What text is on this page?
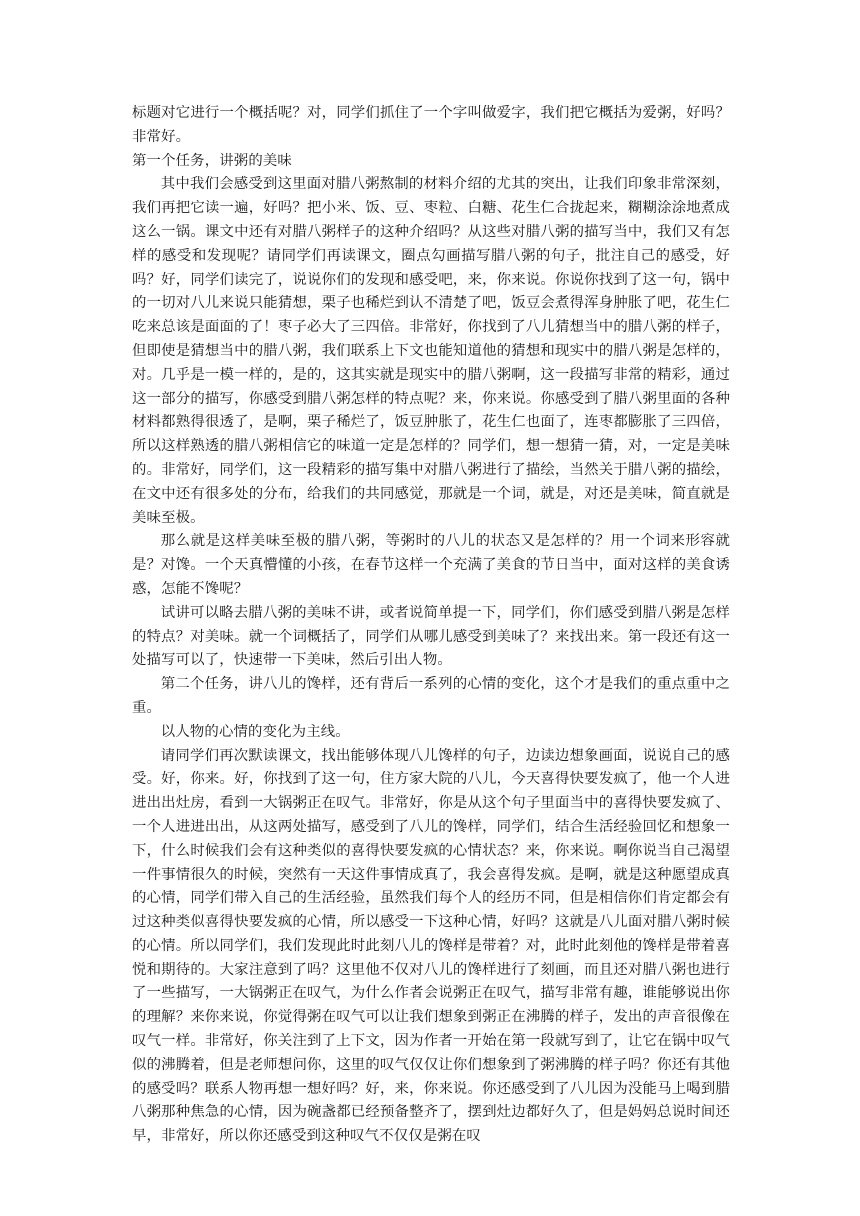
标题对它进行一个概括呢？对，同学们抓住了一个字叫做爱字，我们把它概括为爱粥，好吗？非常好。

第一个任务，讲粥的美味

其中我们会感受到这里面对腊八粥熬制的材料介绍的尤其的突出，让我们印象非常深刻，我们再把它读一遍，好吗？把小米、饭、豆、枣粒、白糖、花生仁合拢起来，糊糊涂涂地煮成这么一锅。课文中还有对腊八粥样子的这种介绍吗？从这些对腊八粥的描写当中，我们又有怎样的感受和发现呢？请同学们再读课文，圈点勾画描写腊八粥的句子，批注自己的感受，好吗？好，同学们读完了，说说你们的发现和感受吧，来，你来说。你说你找到了这一句，锅中的一切对八儿来说只能猜想，栗子也稀烂到认不清楚了吧，饭豆会煮得浑身肿胀了吧，花生仁吃来总该是面面的了！枣子必大了三四倍。非常好，你找到了八儿猜想当中的腊八粥的样子，但即使是猜想当中的腊八粥，我们联系上下文也能知道他的猜想和现实中的腊八粥是怎样的，对。几乎是一模一样的，是的，这其实就是现实中的腊八粥啊，这一段描写非常的精彩，通过这一部分的描写，你感受到腊八粥怎样的特点呢？来，你来说。你感受到了腊八粥里面的各种材料都熟得很透了，是啊，栗子稀烂了，饭豆肿胀了，花生仁也面了，连枣都膨胀了三四倍，所以这样熟透的腊八粥相信它的味道一定是怎样的？同学们，想一想猜一猜，对，一定是美味的。非常好，同学们，这一段精彩的描写集中对腊八粥进行了描绘，当然关于腊八粥的描绘，在文中还有很多处的分布，给我们的共同感觉，那就是一个词，就是，对还是美味，简直就是美味至极。

那么就是这样美味至极的腊八粥，等粥时的八儿的状态又是怎样的？用一个词来形容就是？对馋。一个天真懵懂的小孩，在春节这样一个充满了美食的节日当中，面对这样的美食诱惑，怎能不馋呢？

试讲可以略去腊八粥的美味不讲，或者说简单提一下，同学们，你们感受到腊八粥是怎样的特点？对美味。就一个词概括了，同学们从哪儿感受到美味了？来找出来。第一段还有这一处描写可以了，快速带一下美味，然后引出人物。

第二个任务，讲八儿的馋样，还有背后一系列的心情的变化，这个才是我们的重点重中之重。

以人物的心情的变化为主线。

请同学们再次默读课文，找出能够体现八儿馋样的句子，边读边想象画面，说说自己的感受。好，你来。好，你找到了这一句，住方家大院的八儿，今天喜得快要发疯了，他一个人进进出出灶房，看到一大锅粥正在叹气。非常好，你是从这个句子里面当中的喜得快要发疯了、一个人进进出出，从这两处描写，感受到了八儿的馋样，同学们，结合生活经验回忆和想象一下，什么时候我们会有这种类似的喜得快要发疯的心情状态？来，你来说。啊你说当自己渴望一件事情很久的时候，突然有一天这件事情成真了，我会喜得发疯。是啊，就是这种愿望成真的心情，同学们带入自己的生活经验，虽然我们每个人的经历不同，但是相信你们肯定都会有过这种类似喜得快要发疯的心情，所以感受一下这种心情，好吗？这就是八儿面对腊八粥时候的心情。所以同学们，我们发现此时此刻八儿的馋样是带着？对，此时此刻他的馋样是带着喜悦和期待的。大家注意到了吗？这里他不仅对八儿的馋样进行了刻画，而且还对腊八粥也进行了一些描写，一大锅粥正在叹气，为什么作者会说粥正在叹气，描写非常有趣，谁能够说出你的理解？来你来说，你觉得粥在叹气可以让我们想象到粥正在沸腾的样子，发出的声音很像在叹气一样。非常好，你关注到了上下文，因为作者一开始在第一段就写到了，让它在锅中叹气似的沸腾着，但是老师想问你，这里的叹气仅仅让你们想象到了粥沸腾的样子吗？你还有其他的感受吗？联系人物再想一想好吗？好，来，你来说。你还感受到了八儿因为没能马上喝到腊八粥那种焦急的心情，因为碗盏都已经预备整齐了，摆到灶边都好久了，但是妈妈总说时间还早，非常好，所以你还感受到这种叹气不仅仅是粥在叹
